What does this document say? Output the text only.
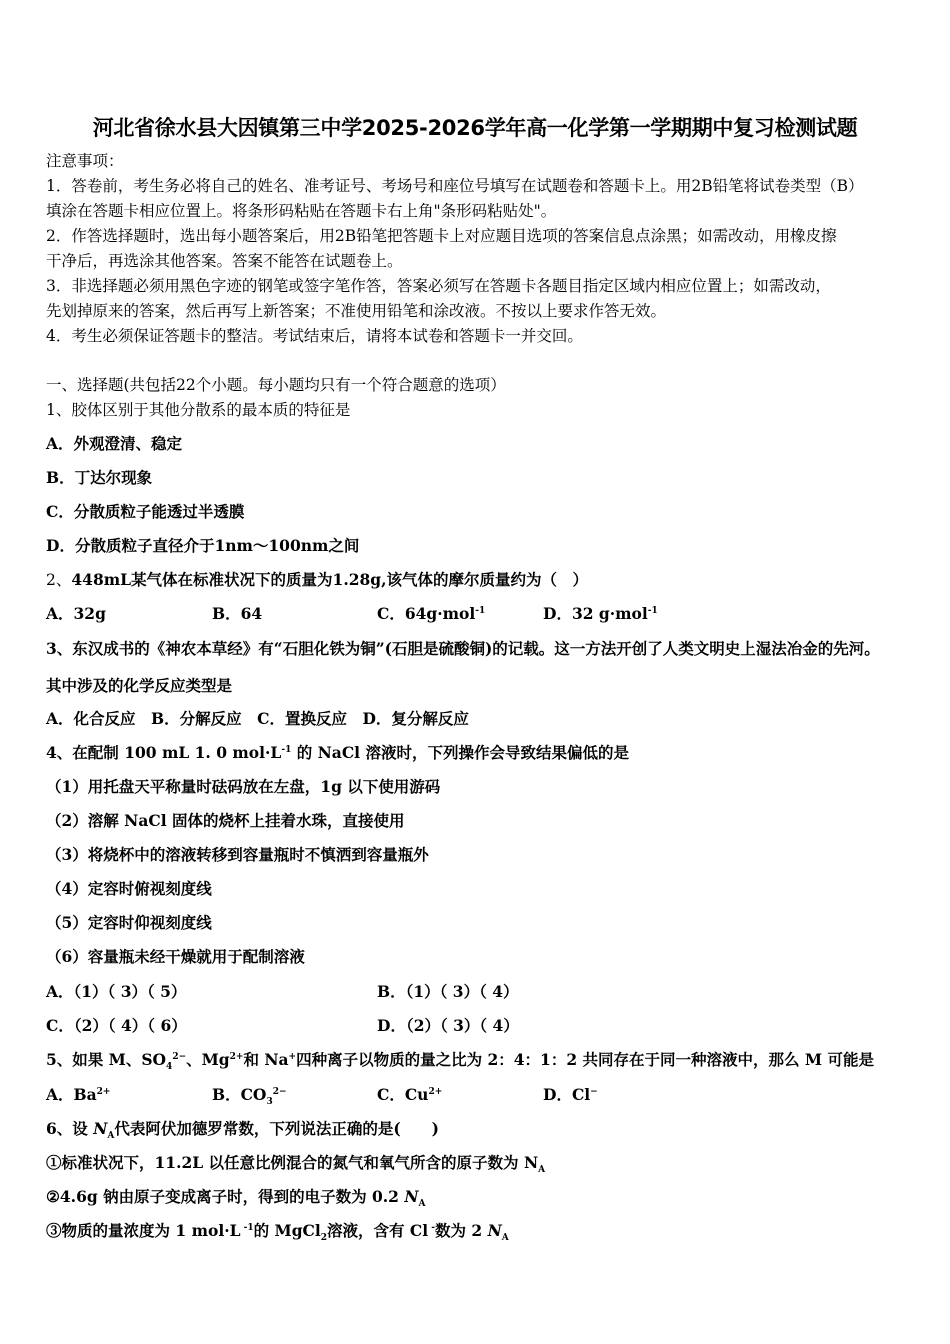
河北省徐水县大因镇第三中学2025-2026学年高一化学第一学期期中复习检测试题
注意事项：
1．答卷前，考生务必将自己的姓名、准考证号、考场号和座位号填写在试题卷和答题卡上。用2B铅笔将试卷类型（B）
填涂在答题卡相应位置上。将条形码粘贴在答题卡右上角"条形码粘贴处"。
2．作答选择题时，选出每小题答案后，用2B铅笔把答题卡上对应题目选项的答案信息点涂黑；如需改动，用橡皮擦
干净后，再选涂其他答案。答案不能答在试题卷上。
3．非选择题必须用黑色字迹的钢笔或签字笔作答，答案必须写在答题卡各题目指定区域内相应位置上；如需改动，
先划掉原来的答案，然后再写上新答案；不准使用铅笔和涂改液。不按以上要求作答无效。
4．考生必须保证答题卡的整洁。考试结束后，请将本试卷和答题卡一并交回。
一、选择题(共包括22个小题。每小题均只有一个符合题意的选项）
1、胶体区别于其他分散系的最本质的特征是
A．外观澄清、稳定
B．丁达尔现象
C．分散质粒子能透过半透膜
D．分散质粒子直径介于1nm～100nm之间
2、448mL某气体在标准状况下的质量为1.28g,该气体的摩尔质量约为（　）
A．32g	B．64	C．64g·mol$^{-1}$	D．32 g·mol$^{-1}$
3、东汉成书的《神农本草经》有“石胆化铁为铜”(石胆是硫酸铜)的记载。这一方法开创了人类文明史上湿法冶金的先河。
其中涉及的化学反应类型是
A．化合反应　B．分解反应　C．置换反应　D．复分解反应
4、在配制 100 mL 1. 0 $mol\cdot L^{-1}$ 的 NaCl 溶液时，下列操作会导致结果偏低的是
（1）用托盘天平称量时砝码放在左盘，1g 以下使用游码
（2）溶解 NaCl 固体的烧杯上挂着水珠，直接使用
（3）将烧杯中的溶液转移到容量瓶时不慎洒到容量瓶外
（4）定容时俯视刻度线
（5）定容时仰视刻度线
（6）容量瓶未经干燥就用于配制溶液
A．（1）（ 3）（ 5）	B．（1）（ 3）（ 4）
C．（2）（ 4）（ 6）	D．（2）（ 3）（ 4）
5、如果 M、$SO_4^{2-}$、$Mg^{2+}$和 Na+四种离子以物质的量之比为 2：4：1：2 共同存在于同一种溶液中，那么 M 可能是
A．$Ba^{2+}$	B．$CO_3^{2-}$	C．$Cu^{2+}$	D．Cl−
6、设 $N_A$代表阿伏加德罗常数，下列说法正确的是(　　)
①标准状况下，11.2L 以任意比例混合的氮气和氧气所含的原子数为 $N_A$
②4.6g 钠由原子变成离子时，得到的电子数为 0.2 $N_A$
③物质的量浓度为 1 mol·L $^{-1}$的 MgCl$_2$溶液，含有 Cl -数为 2 $N_A$
